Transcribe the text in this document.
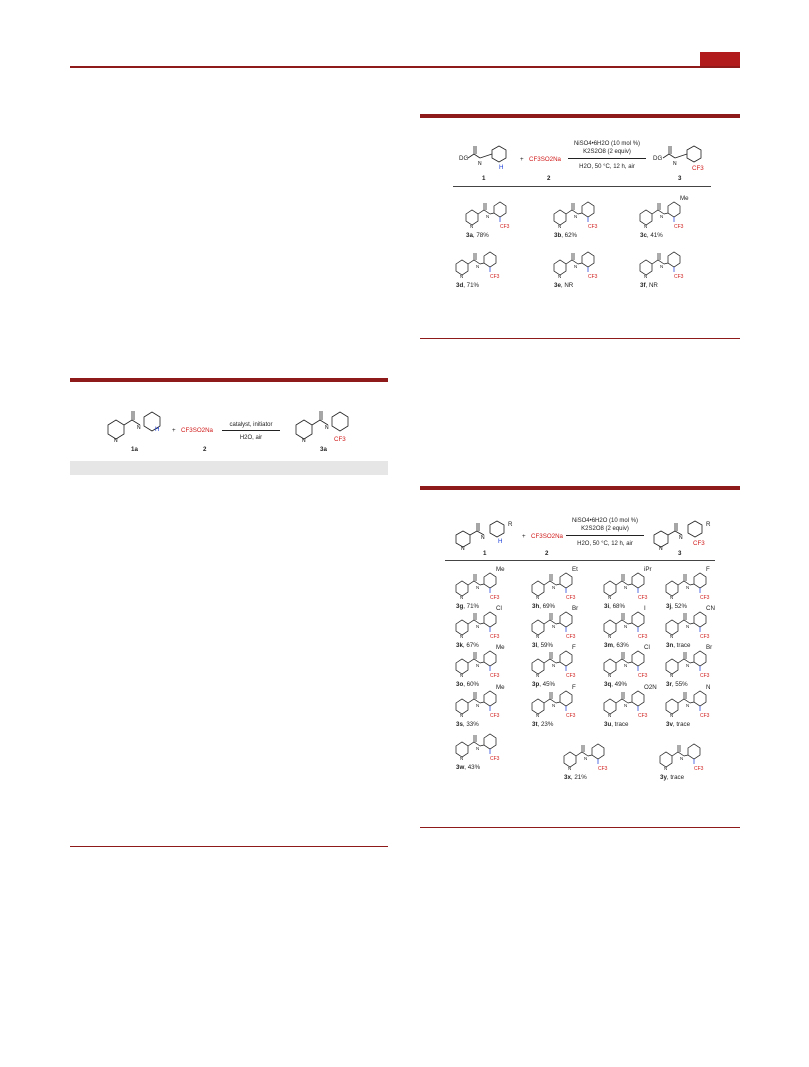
N
N H
1a
+ CF3SO2Na
2
catalyst, initiator
H2O, air	N
N
CF3
3a
DG
N	H
1
+ CF3SO2Na
2
NiSO4•6H2O (10 mol %)
K2S2O8 (2 equiv)
H2O, 50 °C, 12 h, air	N
DG
CF3
3
N
N
CF3
3a, 78%
N
N
CF3
3b, 62%
N
N
CF3
Me
3c, 41%
N
N
CF3
3d, 71%
N
N
CF3
3e, NR
N
N
CF3
3f, NR
N
N
R
H
1
+ CF3SO2Na
2
NiSO4•6H2O (10 mol %)
K2S2O8 (2 equiv)
H2O, 50 °C, 12 h, air
N
N
R
CF3
3
N
N
CF3
Me
3g, 71%
N
N
CF3
Et
3h, 69%
N
N
CF3
iPr
3i, 68%
N
N
CF3
F
3j, 52%
N
N
CF3
Cl
3k, 67%
N
N
CF3
Br
3l, 59%
N
N
CF3
I
3m, 63%
N
N
CF3
CN
3n, trace
N
N
CF3
Me
3o, 60%
N
N
CF3
F
3p, 45%
N
N
CF3
Cl
3q, 49%
N
N
CF3
Br
3r, 55%
N
N
CF3
Me
3s, 33%
N
N
CF3
F
3t, 23%
N
N
CF3
O2N
3u, trace
N
N
CF3
N
3v, trace
N
N
CF3
3w, 43%	N
N
CF3
3x, 21%
N
N
CF3
3y, trace
